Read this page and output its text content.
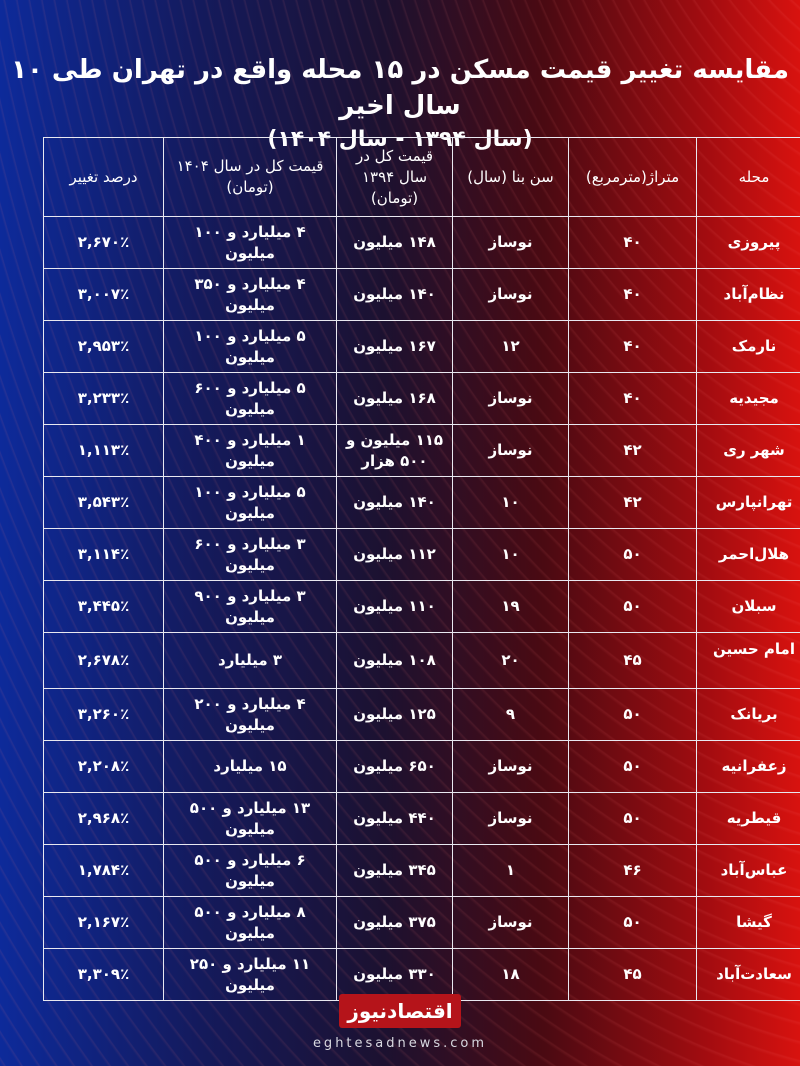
مقایسه تغییر قیمت مسکن در ۱۵ محله واقع در تهران طی ۱۰ سال اخیر
(سال ۱۳۹۴ - سال ۱۴۰۴)
محله	متراژ(مترمربع)	سن بنا (سال)	قیمت کل در سال ۱۳۹۴ (تومان)	قیمت کل در سال ۱۴۰۴ (تومان)	درصد تغییر
پیروزی	۴۰	نوساز	۱۴۸ میلیون	۴ میلیارد و ۱۰۰ میلیون	۲,۶۷۰٪
نظام‌آباد	۴۰	نوساز	۱۴۰ میلیون	۴ میلیارد و ۳۵۰ میلیون	۳,۰۰۷٪
نارمک	۴۰	۱۲	۱۶۷ میلیون	۵ میلیارد و ۱۰۰ میلیون	۲,۹۵۳٪
مجیدیه	۴۰	نوساز	۱۶۸ میلیون	۵ میلیارد و ۶۰۰ میلیون	۳,۲۳۳٪
شهر ری	۴۲	نوساز	۱۱۵ میلیون و ۵۰۰ هزار	۱ میلیارد و ۴۰۰ میلیون	۱,۱۱۳٪
تهرانپارس	۴۲	۱۰	۱۴۰ میلیون	۵ میلیارد و ۱۰۰ میلیون	۳,۵۴۳٪
هلال‌احمر	۵۰	۱۰	۱۱۲ میلیون	۳ میلیارد و ۶۰۰ میلیون	۳,۱۱۴٪
سبلان	۵۰	۱۹	۱۱۰ میلیون	۳ میلیارد و ۹۰۰ میلیون	۳,۴۴۵٪
امام حسین	۴۵	۲۰	۱۰۸ میلیون	۳ میلیارد	۲,۶۷۸٪
بریانک	۵۰	۹	۱۲۵ میلیون	۴ میلیارد و ۲۰۰ میلیون	۳,۲۶۰٪
زعفرانیه	۵۰	نوساز	۶۵۰ میلیون	۱۵ میلیارد	۲,۲۰۸٪
قیطریه	۵۰	نوساز	۴۴۰ میلیون	۱۳ میلیارد و ۵۰۰ میلیون	۲,۹۶۸٪
عباس‌آباد	۴۶	۱	۳۴۵ میلیون	۶ میلیارد و ۵۰۰ میلیون	۱,۷۸۴٪
گیشا	۵۰	نوساز	۳۷۵ میلیون	۸ میلیارد و ۵۰۰ میلیون	۲,۱۶۷٪
سعادت‌آباد	۴۵	۱۸	۳۳۰ میلیون	۱۱ میلیارد و ۲۵۰ میلیون	۳,۳۰۹٪
اقتصادنیوز
eghtesadnews.com
